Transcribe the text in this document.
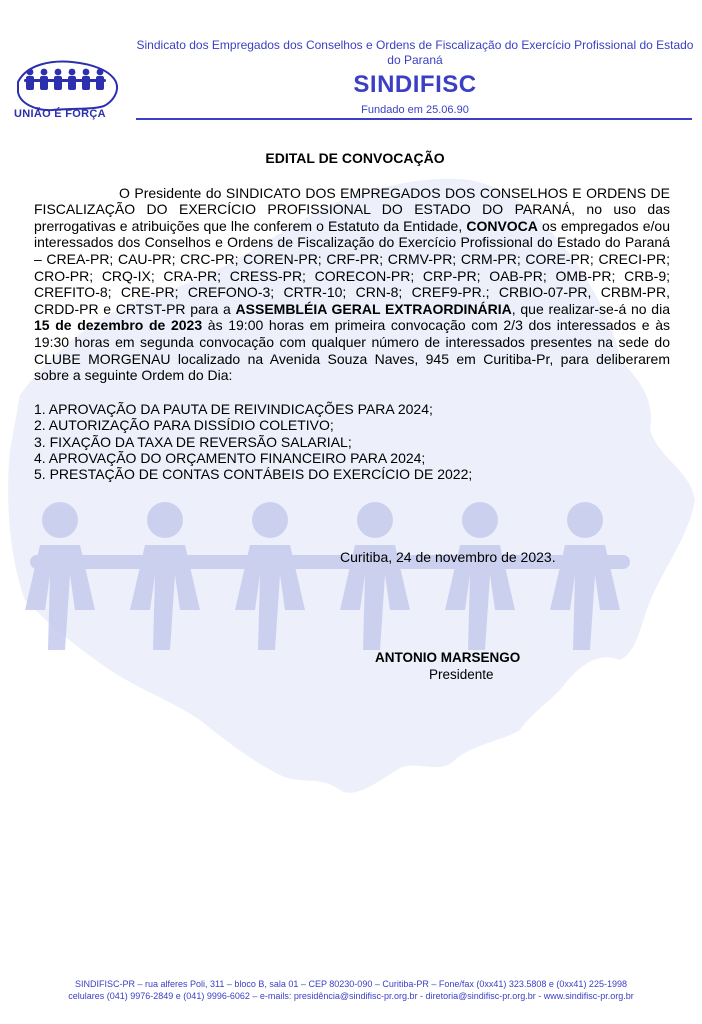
UNIÃO É FORÇA
Sindicato dos Empregados dos Conselhos e Ordens de Fiscalização do Exercício Profissional do Estado do Paraná
SINDIFISC
Fundado em 25.06.90
EDITAL DE CONVOCAÇÃO

O Presidente do SINDICATO DOS EMPREGADOS DOS CONSELHOS E ORDENS DE FISCALIZAÇÃO DO EXERCÍCIO PROFISSIONAL DO ESTADO DO PARANÁ, no uso das prerrogativas e atribuições que lhe conferem o Estatuto da Entidade, CONVOCA os empregados e/ou interessados dos Conselhos e Ordens de Fiscalização do Exercício Profissional do Estado do Paraná – CREA-PR; CAU-PR; CRC-PR; COREN-PR; CRF-PR; CRMV-PR; CRM-PR; CORE-PR; CRECI-PR; CRO-PR; CRQ-IX; CRA-PR; CRESS-PR; CORECON-PR; CRP-PR; OAB-PR; OMB-PR; CRB-9; CREFITO-8; CRE-PR; CREFONO-3; CRTR-10; CRN-8; CREF9-PR.; CRBIO-07-PR, CRBM-PR, CRDD-PR e CRTST-PR para a ASSEMBLÉIA GERAL EXTRAORDINÁRIA, que realizar-se-á no dia 15 de dezembro de 2023 às 19:00 horas em primeira convocação com 2/3 dos interessados e às 19:30 horas em segunda convocação com qualquer número de interessados presentes na sede do CLUBE MORGENAU localizado na Avenida Souza Naves, 945 em Curitiba-Pr, para deliberarem sobre a seguinte Ordem do Dia:

1. APROVAÇÃO DA PAUTA DE REIVINDICAÇÕES PARA 2024;
2. AUTORIZAÇÃO PARA DISSÍDIO COLETIVO;
3. FIXAÇÃO DA TAXA DE REVERSÃO SALARIAL;
4. APROVAÇÃO DO ORÇAMENTO FINANCEIRO PARA 2024;
5. PRESTAÇÃO DE CONTAS CONTÁBEIS DO EXERCÍCIO DE 2022;
Curitiba, 24 de novembro de 2023.
ANTONIO MARSENGO
Presidente
SINDIFISC-PR – rua alferes Poli, 311 – bloco B, sala 01 – CEP 80230-090 – Curitiba-PR – Fone/fax (0xx41) 323.5808 e (0xx41) 225-1998
celulares (041) 9976-2849 e (041) 9996-6062 – e-mails: presidência@sindifisc-pr.org.br - diretoria@sindifisc-pr.org.br - www.sindifisc-pr.org.br
